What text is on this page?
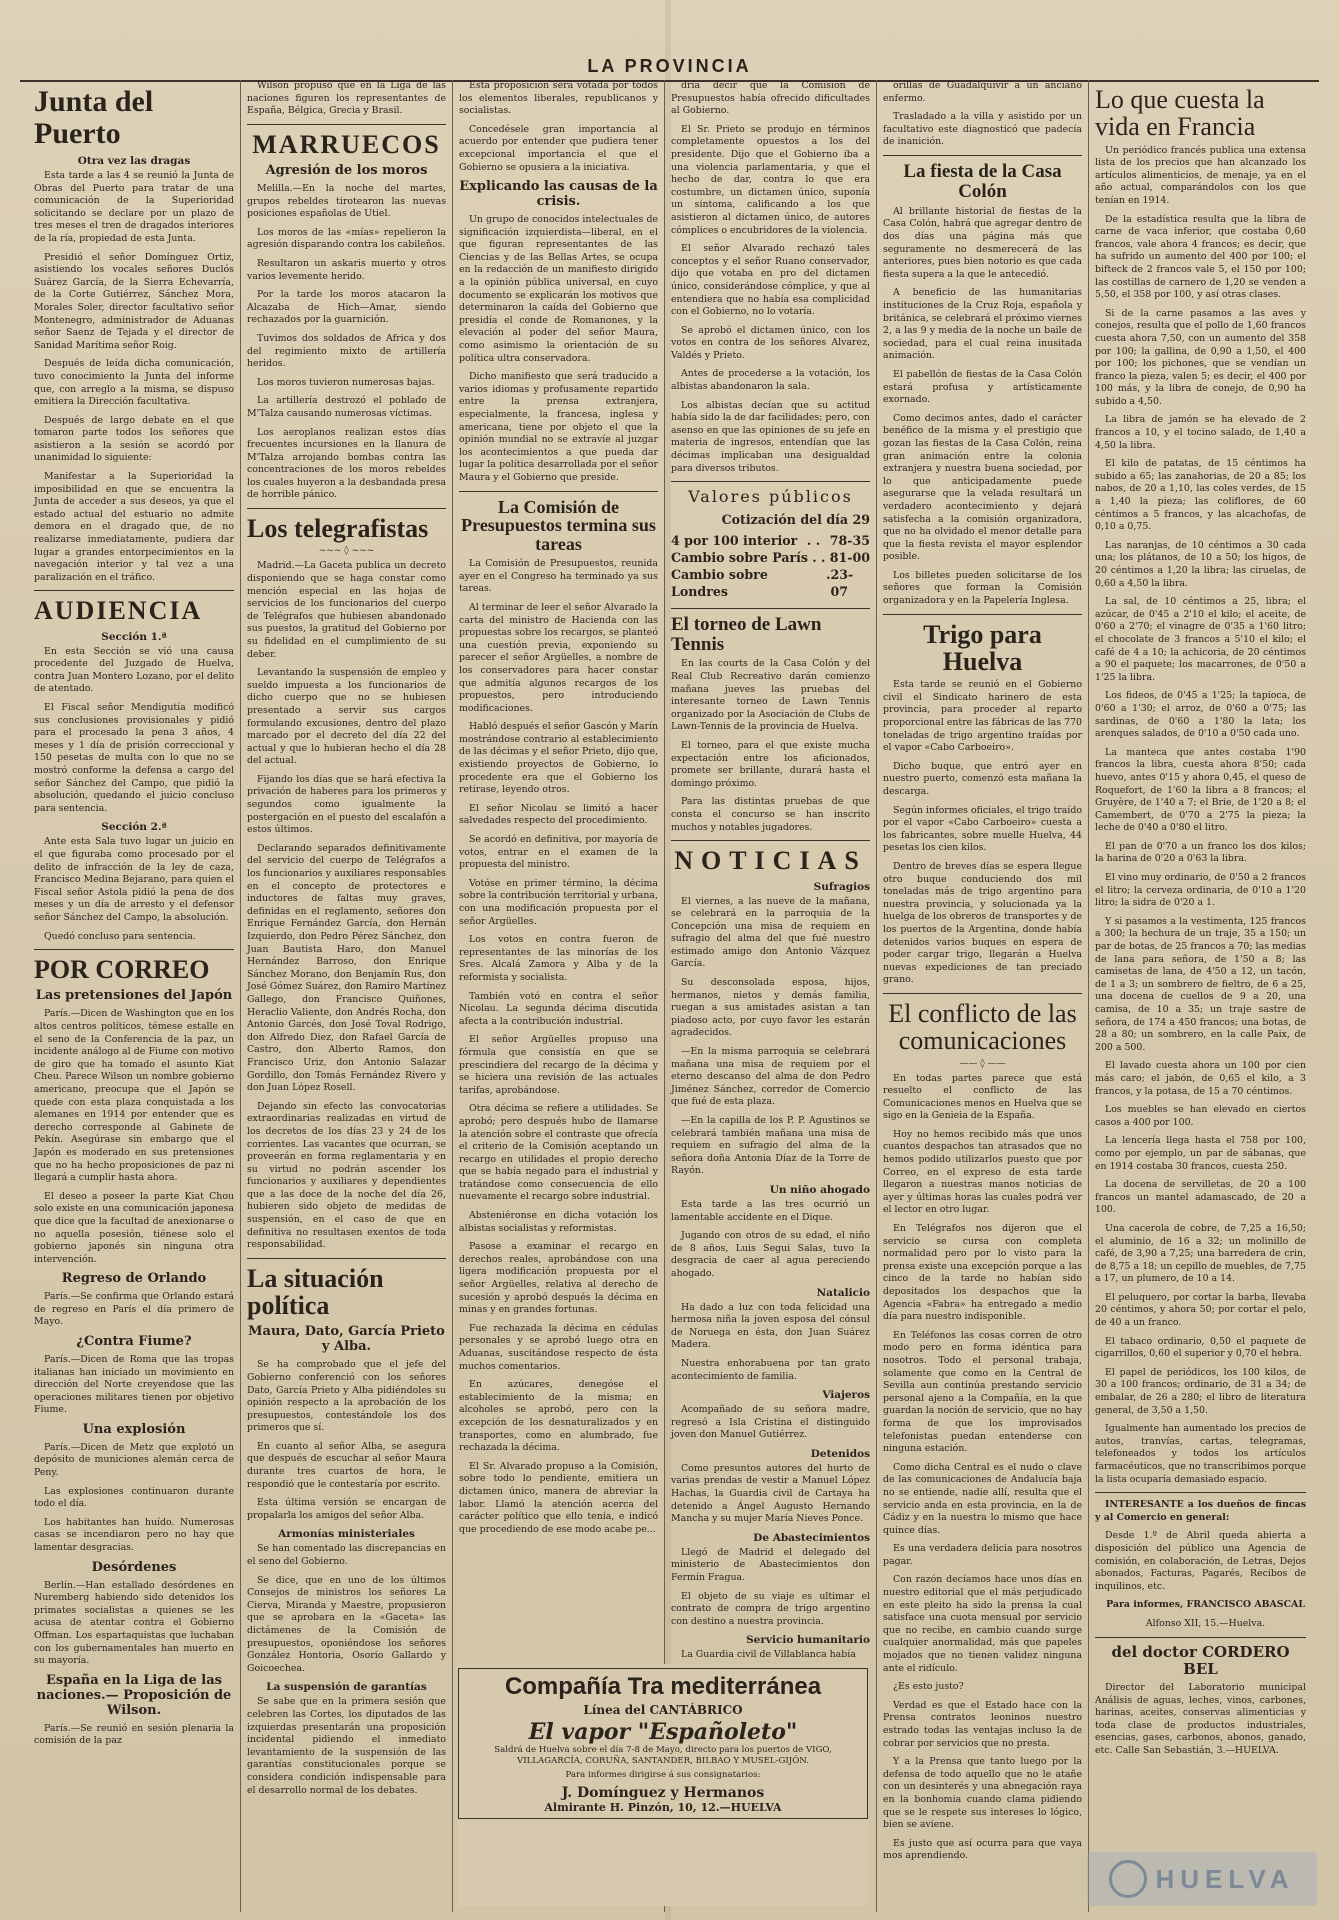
LA PROVINCIA
Junta del Puerto
Otra vez las dragas

Esta tarde a las 4 se reunió la Junta de Obras del Puerto para tratar de una comunicación de la Superioridad solicitando se declare por un plazo de tres meses el tren de dragados interiores de la ría, propiedad de esta Junta.

Presidió el señor Domínguez Ortiz, asistiendo los vocales señores Duclós Suárez García, de la Sierra Echevarría, de la Corte Gutiérrez, Sánchez Mora, Morales Soler, director facultativo señor Montenegro, administrador de Aduanas señor Saenz de Tejada y el director de Sanidad Marítima señor Roig.

Después de leída dicha comunicación, tuvo conocimiento la Junta del informe que, con arreglo a la misma, se dispuso emitiera la Dirección facultativa.

Después de largo debate en el que tomaron parte todos los señores que asistieron a la sesión se acordó por unanimidad lo siguiente:

Manifestar a la Superioridad la imposibilidad en que se encuentra la Junta de acceder a sus deseos, ya que el estado actual del estuario no admite demora en el dragado que, de no realizarse inmediatamente, pudiera dar lugar a grandes entorpecimientos en la navegación interior y tal vez a una paralización en el tráfico.

AUDIENCIA
Sección 1.ª

En esta Sección se vió una causa procedente del Juzgado de Huelva, contra Juan Montero Lozano, por el delito de atentado.

El Fiscal señor Mendigutía modificó sus conclusiones provisionales y pidió para el procesado la pena 3 años, 4 meses y 1 día de prisión correccional y 150 pesetas de multa con lo que no se mostró conforme la defensa a cargo del señor Sánchez del Campo, que pidió la absolución, quedando el juicio concluso para sentencia.

Sección 2.ª

Ante esta Sala tuvo lugar un juicio en el que figuraba como procesado por el delito de infracción de la ley de caza, Francisco Medina Bejarano, para quien el Fiscal señor Astola pidió la pena de dos meses y un día de arresto y el defensor señor Sánchez del Campo, la absolución.

Quedó concluso para sentencia.

POR CORREO
Las pretensiones del Japón

París.—Dicen de Washington que en los altos centros políticos, témese estalle en el seno de la Conferencia de la paz, un incidente análogo al de Fiume con motivo de giro que ha tomado el asunto Kiat Cheu. Parece Wilson un nombre gobierno americano, preocupa que el Japón se quede con esta plaza conquistada a los alemanes en 1914 por entender que es derecho corresponde al Gabinete de Pekín. Asegúrase sin embargo que el Japón es moderado en sus pretensiones que no ha hecho proposiciones de paz ni llegará a cumplir hasta ahora.

El deseo a poseer la parte Kiat Chou solo existe en una comunicación japonesa que dice que la facultad de anexionarse o no aquella posesión, tiénese solo el gobierno japonés sin ninguna otra intervención.

Regreso de Orlando

París.—Se confirma que Orlando estará de regreso en París el día primero de Mayo.

¿Contra Fiume?

París.—Dicen de Roma que las tropas italianas han iniciado un movimiento en dirección del Norte creyendose que las operaciones militares tienen por objetivo Fiume.

Una explosión

París.—Dicen de Metz que explotó un depósito de municiones alemán cerca de Peny.

Las explosiones continuaron durante todo el día.

Los habitantes han huído. Numerosas casas se incendiaron pero no hay que lamentar desgracias.

Desórdenes

Berlín.—Han estallado desórdenes en Nuremberg habiendo sido detenidos los primates socialistas a quienes se les acusa de atentar contra el Gobierno Offman. Los espartaquistas que luchaban con los gubernamentales han muerto en su mayoría.

España en la Liga de las naciones.— Proposición de Wilson.

París.—Se reunió en sesión plenaria la comisión de la paz

Wilson propuso que en la Liga de las naciones figuren los representantes de España, Bélgica, Grecia y Brasil.

MARRUECOS
Agresión de los moros

Melilla.—En la noche del martes, grupos rebeldes tirotearon las nuevas posiciones españolas de Utiel.

Los moros de las «mías» repelieron la agresión disparando contra los cabileños.

Resultaron un askaris muerto y otros varios levemente herido.

Por la tarde los moros atacaron la Alcazaba de Hich—Amar, siendo rechazados por la guarnición.

Tuvimos dos soldados de Africa y dos del regimiento mixto de artillería heridos.

Los moros tuvieron numerosas bajas.

La artillería destrozó el poblado de M'Talza causando numerosas víctimas.

Los aeroplanos realizan estos días frecuentes incursiones en la llanura de M'Talza arrojando bombas contra las concentraciones de los moros rebeldes los cuales huyeron a la desbandada presa de horrible pánico.

Los telegrafistas
~~~ ◊ ~~~

Madrid.—La Gaceta publica un decreto disponiendo que se haga constar como mención especial en las hojas de servicios de los funcionarios del cuerpo de Telégrafos que hubiesen abandonado sus puestos, la gratitud del Gobierno por su fidelidad en el cumplimiento de su deber.

Levantando la suspensión de empleo y sueldo impuesta a los funcionarios de dicho cuerpo que no se hubiesen presentado a servir sus cargos formulando excusiones, dentro del plazo marcado por el decreto del día 22 del actual y que lo hubieran hecho el día 28 del actual.

Fijando los días que se hará efectiva la privación de haberes para los primeros y segundos como igualmente la postergación en el puesto del escalafón a estos últimos.

Declarando separados definitivamente del servicio del cuerpo de Telégrafos a los funcionarios y auxiliares responsables en el concepto de protectores e inductores de faltas muy graves, definidas en el reglamento, señores don Enrique Fernández García, don Hernán Izquierdo, don Pedro Pérez Sánchez, don Juan Bautista Haro, don Manuel Hernández Barroso, don Enrique Sánchez Morano, don Benjamín Rus, don José Gómez Suárez, don Ramiro Martínez Gallego, don Francisco Quiñones, Heraclio Valiente, don Andrés Rocha, don Antonio Garcés, don José Toval Rodrigo, don Alfredo Diez, don Rafael García de Castro, don Alberto Ramos, don Francisco Uriz, don Antonio Salazar Gordillo, don Tomás Fernández Rivero y don Juan López Rosell.

Dejando sin efecto las convocatorias extraordinarias realizadas en virtud de los decretos de los días 23 y 24 de los corrientes. Las vacantes que ocurran, se proveerán en forma reglamentaria y en su virtud no podrán ascender los funcionarios y auxiliares y dependientes que a las doce de la noche del día 26, hubieren sido objeto de medidas de suspensión, en el caso de que en definitiva no resultasen exentos de toda responsabilidad.

La situación política
Maura, Dato, García Prieto y Alba.

Se ha comprobado que el jefe del Gobierno conferenció con los señores Dato, García Prieto y Alba pidiéndoles su opinión respecto a la aprobación de los presupuestos, contestándole los dos primeros que sí.

En cuanto al señor Alba, se asegura que después de escuchar al señor Maura durante tres cuartos de hora, le respondió que le contestaría por escrito.

Esta última versión se encargan de propalarla los amigos del señor Alba.

Armonías ministeriales

Se han comentado las discrepancias en el seno del Gobierno.

Se dice, que en uno de los últimos Consejos de ministros los señores La Cierva, Miranda y Maestre, propusieron que se aprobara en la «Gaceta» las dictámenes de la Comisión de presupuestos, oponiéndose los señores González Hontoria, Osorio Gallardo y Goicoechea.

La suspensión de garantías

Se sabe que en la primera sesión que celebren las Cortes, los diputados de las izquierdas presentarán una proposición incidental pidiendo el inmediato levantamiento de la suspensión de las garantías constitucionales porque se considera condición indispensable para el desarrollo normal de los debates.

Esta proposición será votada por todos los elementos liberales, republicanos y socialistas.

Concedésele gran importancia al acuerdo por entender que pudiera tener excepcional importancia el que el Gobierno se opusiera a la iniciativa.

Explicando las causas de la crisis.

Un grupo de conocidos intelectuales de significación izquierdista—liberal, en el que figuran representantes de las Ciencias y de las Bellas Artes, se ocupa en la redacción de un manifiesto dirigido a la opinión pública universal, en cuyo documento se explicarán los motivos que determinaron la caída del Gobierno que presidía el conde de Romanones, y la elevación al poder del señor Maura, como asimismo la orientación de su política ultra conservadora.

Dicho manifiesto que será traducido a varios idiomas y profusamente repartido entre la prensa extranjera, especialmente, la francesa, inglesa y americana, tiene por objeto el que la opinión mundial no se extravíe al juzgar los acontecimientos a que pueda dar lugar la política desarrollada por el señor Maura y el Gobierno que preside.

La Comisión de Presupuestos termina sus tareas

La Comisión de Presupuestos, reunida ayer en el Congreso ha terminado ya sus tareas.

Al terminar de leer el señor Alvarado la carta del ministro de Hacienda con las propuestas sobre los recargos, se planteó una cuestión previa, exponiendo su parecer el señor Argüelles, a nombre de los conservadores para hacer constar que admitía algunos recargos de los propuestos, pero introduciendo modificaciones.

Habló después el señor Gascón y Marín mostrándose contrario al establecimiento de las décimas y el señor Prieto, dijo que, existiendo proyectos de Gobierno, lo procedente era que el Gobierno los retirase, leyendo otros.

El señor Nicolau se limitó a hacer salvedades respecto del procedimiento.

Se acordó en definitiva, por mayoría de votos, entrar en el examen de la propuesta del ministro.

Votóse en primer término, la décima sobre la contribución territorial y urbana, con una modificación propuesta por el señor Argüelles.

Los votos en contra fueron de representantes de las minorías de los Sres. Alcalá Zamora y Alba y de la reformista y socialista.

También votó en contra el señor Nicolau. La segunda décima discutida afecta a la contribución industrial.

El señor Argüelles propuso una fórmula que consistía en que se prescindiera del recargo de la décima y se hiciera una revisión de las actuales tarifas, aprobándose.

Otra décima se refiere a utilidades. Se aprobó; pero después hubo de llamarse la atención sobre el contraste que ofrecía el criterio de la Comisión aceptando un recargo en utilidades el propio derecho que se había negado para el industrial y tratándose como consecuencia de ello nuevamente el recargo sobre industrial.

Absteniéronse en dicha votación los albistas socialistas y reformistas.

Pasose a examinar el recargo en derechos reales, aprobándose con una ligera modificación propuesta por el señor Argüelles, relativa al derecho de sucesión y aprobó después la décima en minas y en grandes fortunas.

Fue rechazada la décima en cédulas personales y se aprobó luego otra en Aduanas, suscitándose respecto de ésta muchos comentarios.

En azúcares, denegóse el establecimiento de la misma; en alcoholes se aprobó, pero con la excepción de los desnaturalizados y en transportes, como en alumbrado, fue rechazada la décima.

El Sr. Alvarado propuso a la Comisión, sobre todo lo pendiente, emitiera un dictamen único, manera de abreviar la labor. Llamó la atención acerca del carácter político que ello tenía, e indicó que procediendo de ese modo acabe pe...

dría decir que la Comisión de Presupuestos había ofrecido dificultades al Gobierno.

El Sr. Prieto se produjo en términos completamente opuestos a los del presidente. Dijo que el Gobierno iba a una violencia parlamentaria, y que el hecho de dar, contra lo que era costumbre, un dictamen único, suponía un síntoma, calificando a los que asistieron al dictamen único, de autores cómplices o encubridores de la violencia.

El señor Alvarado rechazó tales conceptos y el señor Ruano conservador, dijo que votaba en pro del dictamen único, considerándose cómplice, y que al entendiera que no había esa complicidad con el Gobierno, no lo votaría.

Se aprobó el dictamen único, con los votos en contra de los señores Alvarez, Valdés y Prieto.

Antes de procederse a la votación, los albistas abandonaron la sala.

Los albistas decían que su actitud había sido la de dar facilidades; pero, con asenso en que las opiniones de su jefe en materia de ingresos, entendían que las décimas implicaban una desigualdad para diversos tributos.

Valores públicos
Cotización del día 29
4 por 100 interior . . 78-35
Cambio sobre París . . 81-00
Cambio sobre Londres
. 23-07
El torneo de Lawn Tennis

En las courts de la Casa Colón y del Real Club Recreativo darán comienzo mañana jueves las pruebas del interesante torneo de Lawn Tennis organizado por la Asociación de Clubs de Lawn-Tennis de la provincia de Huelva.

El torneo, para el que existe mucha expectación entre los aficionados, promete ser brillante, durará hasta el domingo próximo.

Para las distintas pruebas de que consta el concurso se han inscrito muchos y notables jugadores.

NOTICIAS
Sufragios

El viernes, a las nueve de la mañana, se celebrará en la parroquia de la Concepción una misa de requiem en sufragio del alma del que fué nuestro estimado amigo don Antonio Vázquez García.

Su desconsolada esposa, hijos, hermanos, nietos y demás familia, ruegan a sus amistades asistan a tan piadoso acto, por cuyo favor les estarán agradecidos.

—En la misma parroquia se celebrará mañana una misa de requiem por el eterno descanso del alma de don Pedro Jiménez Sánchez, corredor de Comercio que fué de esta plaza.

—En la capilla de los P. P. Agustinos se celebrará también mañana una misa de requiem en sufragio del alma de la señora doña Antonia Díaz de la Torre de Rayón.

Un niño ahogado

Esta tarde a las tres ocurrió un lamentable accidente en el Dique.

Jugando con otros de su edad, el niño de 8 años, Luis Segui Salas, tuvo la desgracia de caer al agua pereciendo ahogado.

Natalicio

Ha dado a luz con toda felicidad una hermosa niña la joven esposa del cónsul de Noruega en ésta, don Juan Suárez Madera.

Nuestra enhorabuena por tan grato acontecimiento de familia.

Viajeros

Acompañado de su señora madre, regresó a Isla Cristina el distinguido joven don Manuel Gutiérrez.

Detenidos

Como presuntos autores del hurto de varias prendas de vestir a Manuel López Hachas, la Guardia civil de Cartaya ha detenido a Ángel Augusto Hernando Mancha y su mujer María Nieves Ponce.

De Abastecimientos

Llegó de Madrid el delegado del ministerio de Abastecimientos don Fermín Fragua.

El objeto de su viaje es ultimar el contrato de compra de trigo argentino con destino a nuestra provincia.

Servicio humanitario

La Guardia civil de Villablanca había

Compañía Tra mediterránea
Línea del CANTÁBRICO
El vapor "Españoleto"
Saldrá de Huelva sobre el día 7-8 de Mayo, directo para los puertos de VIGO, VILLAGARCÍA, CORUÑA, SANTANDER, BILBAO Y MUSEL-GIJÓN.
Para informes dirigirse á sus consignatarios:
J. Domínguez y Hermanos
Almirante H. Pinzón, 10, 12.—HUELVA

orillas de Guadalquivir a un anciano enfermo.

Trasladado a la villa y asistido por un facultativo este diagnosticó que padecía de inanición.

La fiesta de la Casa Colón

Al brillante historial de fiestas de la Casa Colón, habrá que agregar dentro de dos días una página más que seguramente no desmerecerá de las anteriores, pues bien notorio es que cada fiesta supera a la que le antecedió.

A beneficio de las humanitarias instituciones de la Cruz Roja, española y británica, se celebrará el próximo viernes 2, a las 9 y media de la noche un baile de sociedad, para el cual reina inusitada animación.

El pabellón de fiestas de la Casa Colón estará profusa y artísticamente exornado.

Como decimos antes, dado el carácter benéfico de la misma y el prestigio que gozan las fiestas de la Casa Colón, reina gran animación entre la colonia extranjera y nuestra buena sociedad, por lo que anticipadamente puede asegurarse que la velada resultará un verdadero acontecimiento y dejará satisfecha a la comisión organizadora, que no ha olvidado el menor detalle para que la fiesta revista el mayor esplendor posible.

Los billetes pueden solicitarse de los señores que forman la Comisión organizadora y en la Papelería Inglesa.

Trigo para Huelva

Esta tarde se reunió en el Gobierno civil el Sindicato harinero de esta provincia, para proceder al reparto proporcional entre las fábricas de las 770 toneladas de trigo argentino traídas por el vapor «Cabo Carboeiro».

Dicho buque, que entró ayer en nuestro puerto, comenzó esta mañana la descarga.

Según informes oficiales, el trigo traído por el vapor «Cabo Carboeiro» cuesta a los fabricantes, sobre muelle Huelva, 44 pesetas los cien kilos.

Dentro de breves días se espera llegue otro buque conduciendo dos mil toneladas más de trigo argentino para nuestra provincia, y solucionada ya la huelga de los obreros de transportes y de los puertos de la Argentina, donde había detenidos varios buques en espera de poder cargar trigo, llegarán a Huelva nuevas expediciones de tan preciado grano.

El conflicto de las comunicaciones
—— ◊ ——

En todas partes parece que está resuelto el conflicto de las Comunicaciones menos en Huelva que se sigo en la Genieia de la España.

Hoy no hemos recibido más que unos cuantos despachos tan atrasados que no hemos podido utilizarlos puesto que por Correo, en el expreso de esta tarde llegaron a nuestras manos noticias de ayer y últimas horas las cuales podrá ver el lector en otro lugar.

En Telégrafos nos dijeron que el servicio se cursa con completa normalidad pero por lo visto para la prensa existe una excepción porque a las cinco de la tarde no habían sido depositados los despachos que la Agencia «Fabra» ha entregado a medio día para nuestro indisponible.

En Teléfonos las cosas corren de otro modo pero en forma idéntica para nosotros. Todo el personal trabaja, solamente que como en la Central de Sevilla aun continúa prestando servicio personal ajeno a la Compañía, en la que guardan la noción de servicio, que no hay forma de que los improvisados telefonistas puedan entenderse con ninguna estación.

Como dicha Central es el nudo o clave de las comunicaciones de Andalucía baja no se entiende, nadie allí, resulta que el servicio anda en esta provincia, en la de Cádiz y en la nuestra lo mismo que hace quince días.

Es una verdadera delicia para nosotros pagar.

Con razón decíamos hace unos días en nuestro editorial que el más perjudicado en este pleito ha sido la prensa la cual satisface una cuota mensual por servicio que no recibe, en cambio cuando surge cualquier anormalidad, más que papeles mojados que no tienen validez ninguna ante el ridículo.

¿Es esto justo?

Verdad es que el Estado hace con la Prensa contratos leoninos nuestro estrado todas las ventajas incluso la de cobrar por servicios que no presta.

Y a la Prensa que tanto luego por la defensa de todo aquello que no le atañe con un desinterés y una abnegación raya en la bonhomia cuando clama pidiendo que se le respete sus intereses lo lógico, bien se aviene.

Es justo que así ocurra para que vaya mos aprendiendo.

Lo que cuesta la vida en Francia

Un periódico francés publica una extensa lista de los precios que han alcanzado los artículos alimenticios, de menaje, ya en el año actual, comparándolos con los que tenían en 1914.

De la estadística resulta que la libra de carne de vaca inferior, que costaba 0,60 francos, vale ahora 4 francos; es decir, que ha sufrido un aumento del 400 por 100; el bifteck de 2 francos vale 5, el 150 por 100; las costillas de carnero de 1,20 se venden a 5,50, el 358 por 100, y así otras clases.

Si de la carne pasamos a las aves y conejos, resulta que el pollo de 1,60 francos cuesta ahora 7,50, con un aumento del 358 por 100; la gallina, de 0,90 a 1,50, el 400 por 100; los pichones, que se vendían un franco la pieza, valen 5; es decir, el 400 por 100 más, y la libra de conejo, de 0,90 ha subido a 4,50.

La libra de jamón se ha elevado de 2 francos a 10, y el tocino salado, de 1,40 a 4,50 la libra.

El kilo de patatas, de 15 céntimos ha subido a 65; las zanahorias, de 20 a 85; los nabos, de 20 a 1,10, las coles verdes, de 15 a 1,40 la pieza; las coliflores, de 60 céntimos a 5 francos, y las alcachofas, de 0,10 a 0,75.

Las naranjas, de 10 céntimos a 30 cada una; los plátanos, de 10 a 50; los higos, de 20 céntimos a 1,20 la libra; las ciruelas, de 0,60 a 4,50 la libra.

La sal, de 10 céntimos a 25, libra; el azúcar, de 0'45 a 2'10 el kilo; el aceite, de 0'60 a 2'70; el vinagre de 0'35 a 1'60 litro; el chocolate de 3 francos a 5'10 el kilo; el café de 4 a 10; la achicoria, de 20 céntimos a 90 el paquete; los macarrones, de 0'50 a 1'25 la libra.

Los fideos, de 0'45 a 1'25; la tapioca, de 0'60 a 1'30; el arroz, de 0'60 a 0'75; las sardinas, de 0'60 a 1'80 la lata; los arenques salados, de 0'10 a 0'50 cada uno.

La manteca que antes costaba 1'90 francos la libra, cuesta ahora 8'50; cada huevo, antes 0'15 y ahora 0,45, el queso de Roquefort, de 1'60 la libra a 8 francos; el Gruyère, de 1'40 a 7; el Brie, de 1'20 a 8; el Camembert, de 0'70 a 2'75 la pieza; la leche de 0'40 a 0'80 el litro.

El pan de 0'70 a un franco los dos kilos; la harina de 0'20 a 0'63 la libra.

El vino muy ordinario, de 0'50 a 2 francos el litro; la cerveza ordinaria, de 0'10 a 1'20 litro; la sidra de 0'20 a 1.

Y si pasamos a la vestimenta, 125 francos a 300; la hechura de un traje, 35 a 150; un par de botas, de 25 francos a 70; las medias de lana para señora, de 1'50 a 8; las camisetas de lana, de 4'50 a 12, un tacón, de 1 a 3; un sombrero de fieltro, de 6 a 25, una docena de cuellos de 9 a 20, una camisa, de 10 a 35; un traje sastre de señora, de 174 a 450 francos; una botas, de 28 a 80; un sombrero, en la calle Paix, de 200 a 500.

El lavado cuesta ahora un 100 por cien más caro; el jabón, de 0,65 el kilo, a 3 francos, y la potasa, de 15 a 70 céntimos.

Los muebles se han elevado en ciertos casos a 400 por 100.

La lencería llega hasta el 758 por 100, como por ejemplo, un par de sábanas, que en 1914 costaba 30 francos, cuesta 250.

La docena de servilletas, de 20 a 100 francos un mantel adamascado, de 20 a 100.

Una cacerola de cobre, de 7,25 a 16,50; el aluminio, de 16 a 32; un molinillo de café, de 3,90 a 7,25; una barredera de crin, de 8,75 a 18; un cepillo de muebles, de 7,75 a 17, un plumero, de 10 a 14.

El peluquero, por cortar la barba, llevaba 20 céntimos, y ahora 50; por cortar el pelo, de 40 a un franco.

El tabaco ordinario, 0,50 el paquete de cigarrillos, 0,60 el superior y 0,70 el hebra.

El papel de periódicos, los 100 kilos, de 30 a 100 francos; ordinario, de 31 a 34; de embalar, de 26 a 280; el libro de literatura general, de 3,50 a 1,50.

Igualmente han aumentado los precios de autos, tranvías, cartas, telegramas, telefoneados y todos los artículos farmacéuticos, que no transcribimos porque la lista ocuparía demasiado espacio.

INTERESANTE a los dueños de fincas y al Comercio en general:

Desde 1.º de Abril queda abierta a disposición del público una Agencia de comisión, en colaboración, de Letras, Dejos abonados, Facturas, Pagarés, Recibos de inquilinos, etc.

Para informes, FRANCISCO ABASCAL

Alfonso XII, 15.—Huelva.

del doctor CORDERO BEL

Director del Laboratorio municipal Análisis de aguas, leches, vinos, carbones, harinas, aceites, conservas alimenticias y toda clase de productos industriales, esencias, gases, carbonos, abonos, ganado, etc. Calle San Sebastián, 3.—HUELVA.

HUELVA
